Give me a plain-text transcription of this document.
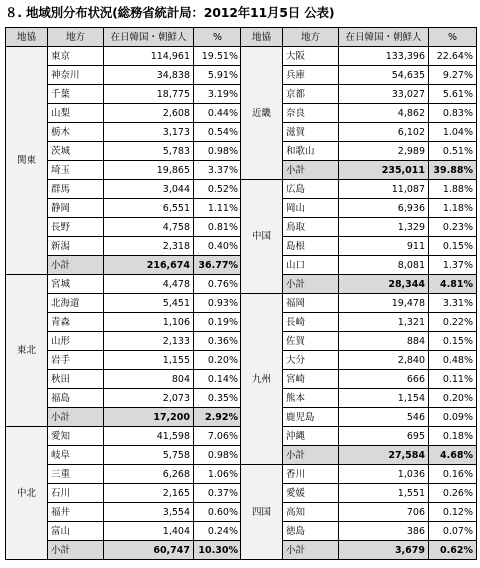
８. 地域別分布状況(総務省統計局：2012年11月5日 公表)
地協	地方	在日韓国・朝鮮人	%
関東	東京	114,961	19.51%
	神奈川	34,838	5.91%
	千葉	18,775	3.19%
	山梨	2,608	0.44%
	栃木	3,173	0.54%
	茨城	5,783	0.98%
	埼玉	19,865	3.37%
	群馬	3,044	0.52%
	静岡	6,551	1.11%
	長野	4,758	0.81%
	新潟	2,318	0.40%
	小計	216,674	36.77%
東北	宮城	4,478	0.76%
	北海道	5,451	0.93%
	青森	1,106	0.19%
	山形	2,133	0.36%
	岩手	1,155	0.20%
	秋田	804	0.14%
	福島	2,073	0.35%
	小計	17,200	2.92%
中北	愛知	41,598	7.06%
	岐阜	5,758	0.98%
	三重	6,268	1.06%
	石川	2,165	0.37%
	福井	3,554	0.60%
	富山	1,404	0.24%
	小計	60,747	10.30%
地協	地方	在日韓国・朝鮮人	%
近畿	大阪	133,396	22.64%
	兵庫	54,635	9.27%
	京都	33,027	5.61%
	奈良	4,862	0.83%
	滋賀	6,102	1.04%
	和歌山	2,989	0.51%
	小計	235,011	39.88%
中国	広島	11,087	1.88%
	岡山	6,936	1.18%
	鳥取	1,329	0.23%
	島根	911	0.15%
	山口	8,081	1.37%
	小計	28,344	4.81%
九州	福岡	19,478	3.31%
	長崎	1,321	0.22%
	佐賀	884	0.15%
	大分	2,840	0.48%
	宮崎	666	0.11%
	熊本	1,154	0.20%
	鹿児島	546	0.09%
	沖縄	695	0.18%
	小計	27,584	4.68%
四国	香川	1,036	0.16%
	愛媛	1,551	0.26%
	高知	706	0.12%
	徳島	386	0.07%
	小計	3,679	0.62%
